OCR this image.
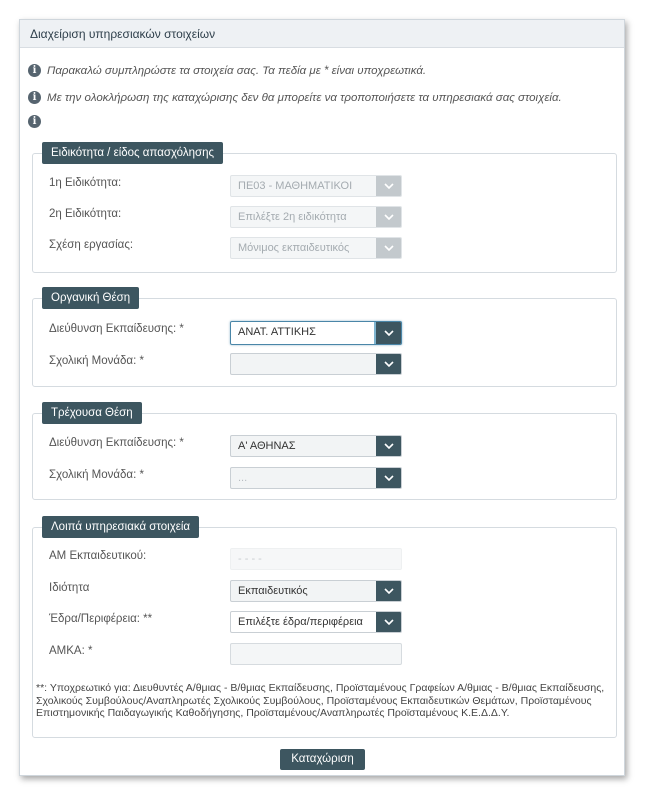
Διαχείριση υπηρεσιακών στοιχείων
i Παρακαλώ συμπληρώστε τα στοιχεία σας. Τα πεδία με * είναι υποχρεωτικά.
i Με την ολοκλήρωση της καταχώρισης δεν θα μπορείτε να τροποποιήσετε τα υπηρεσιακά σας στοιχεία.
i
Ειδικότητα / είδος απασχόλησης
1η Ειδικότητα:	ΠΕ03 - ΜΑΘΗΜΑΤΙΚΟΙ
2η Ειδικότητα:	Επιλέξτε 2η ειδικότητα
Σχέση εργασίας:	Μόνιμος εκπαιδευτικός
Οργανική Θέση
Διεύθυνση Εκπαίδευσης: *	ΑΝΑΤ. ΑΤΤΙΚΗΣ
Σχολική Μονάδα: *
Τρέχουσα Θέση
Διεύθυνση Εκπαίδευσης: *	Α' ΑΘΗΝΑΣ
Σχολική Μονάδα: *	...
Λοιπά υπηρεσιακά στοιχεία
ΑΜ Εκπαιδευτικού:	- - - -
Ιδιότητα	Εκπαιδευτικός
Έδρα/Περιφέρεια: **	Επιλέξτε έδρα/περιφέρεια
ΑΜΚΑ: *
**: Υποχρεωτικό για: Διευθυντές Α/θμιας - Β/θμιας Εκπαίδευσης, Προϊσταμένους Γραφείων Α/θμιας - Β/θμιας Εκπαίδευσης, Σχολικούς Συμβούλους/Αναπληρωτές Σχολικούς Συμβούλους, Προϊσταμένους Εκπαιδευτικών Θεμάτων, Προϊσταμένους Επιστημονικής Παιδαγωγικής Καθοδήγησης, Προϊσταμένους/Αναπληρωτές Προϊσταμένους Κ.Ε.Δ.Δ.Υ.
Καταχώριση
